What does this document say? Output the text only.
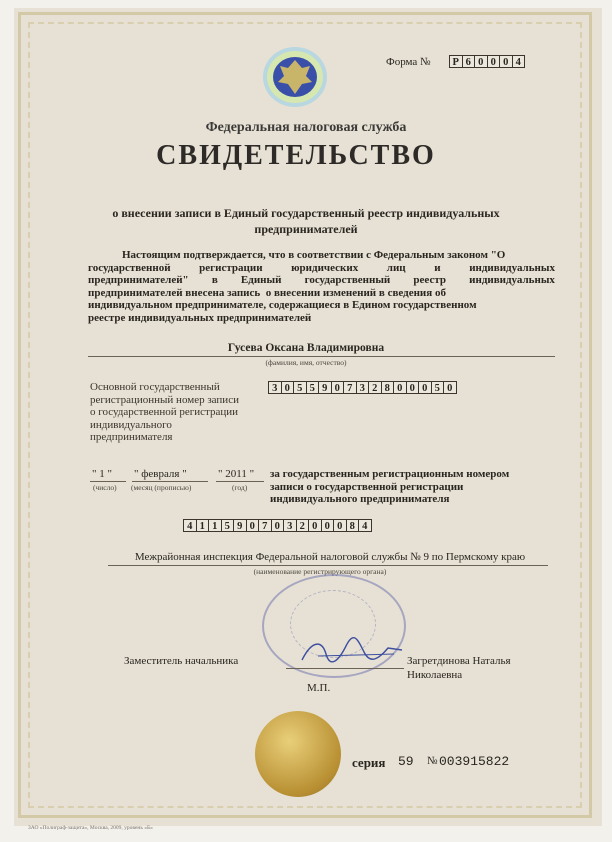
Форма №	Р 6 0 0 0 4
Федеральная налоговая служба
СВИДЕТЕЛЬСТВО
о внесении записи в Единый государственный реестр индивидуальных
предпринимателей
Настоящим подтверждается, что в соответствии с Федеральным законом "О
государственной	регистрации	юридических	лиц	и	индивидуальных
предпринимателей" в Единый государственный реестр индивидуальных
предпринимателей внесена запись  о внесении изменений в сведения об
индивидуальном предпринимателе, содержащиеся в Едином государственном
реестре индивидуальных предпринимателей
Гусева Оксана Владимировна
(фамилия, имя, отчество)
Основной государственный
регистрационный номер записи
о государственной регистрации
индивидуального
предпринимателя
3 0 5 5 9 0 7 3 2 8 0 0 0 5 0
" 1 "
(число)
" февраля "
(месяц (прописью)
" 2011 "
(год)
за государственным регистрационным номером
записи о государственной регистрации
индивидуального предпринимателя
4 1 1 5 9 0 7 0 3 2 0 0 0 8 4
Межрайонная инспекция Федеральной налоговой службы № 9 по Пермскому краю
(наименование регистрирующего органа)
Заместитель начальника	Загретдинова Наталья
Николаевна
М.П.
серия 59 № 003915822
ЗАО «Полиграф-защита», Москва, 2009, уровень «Б»
